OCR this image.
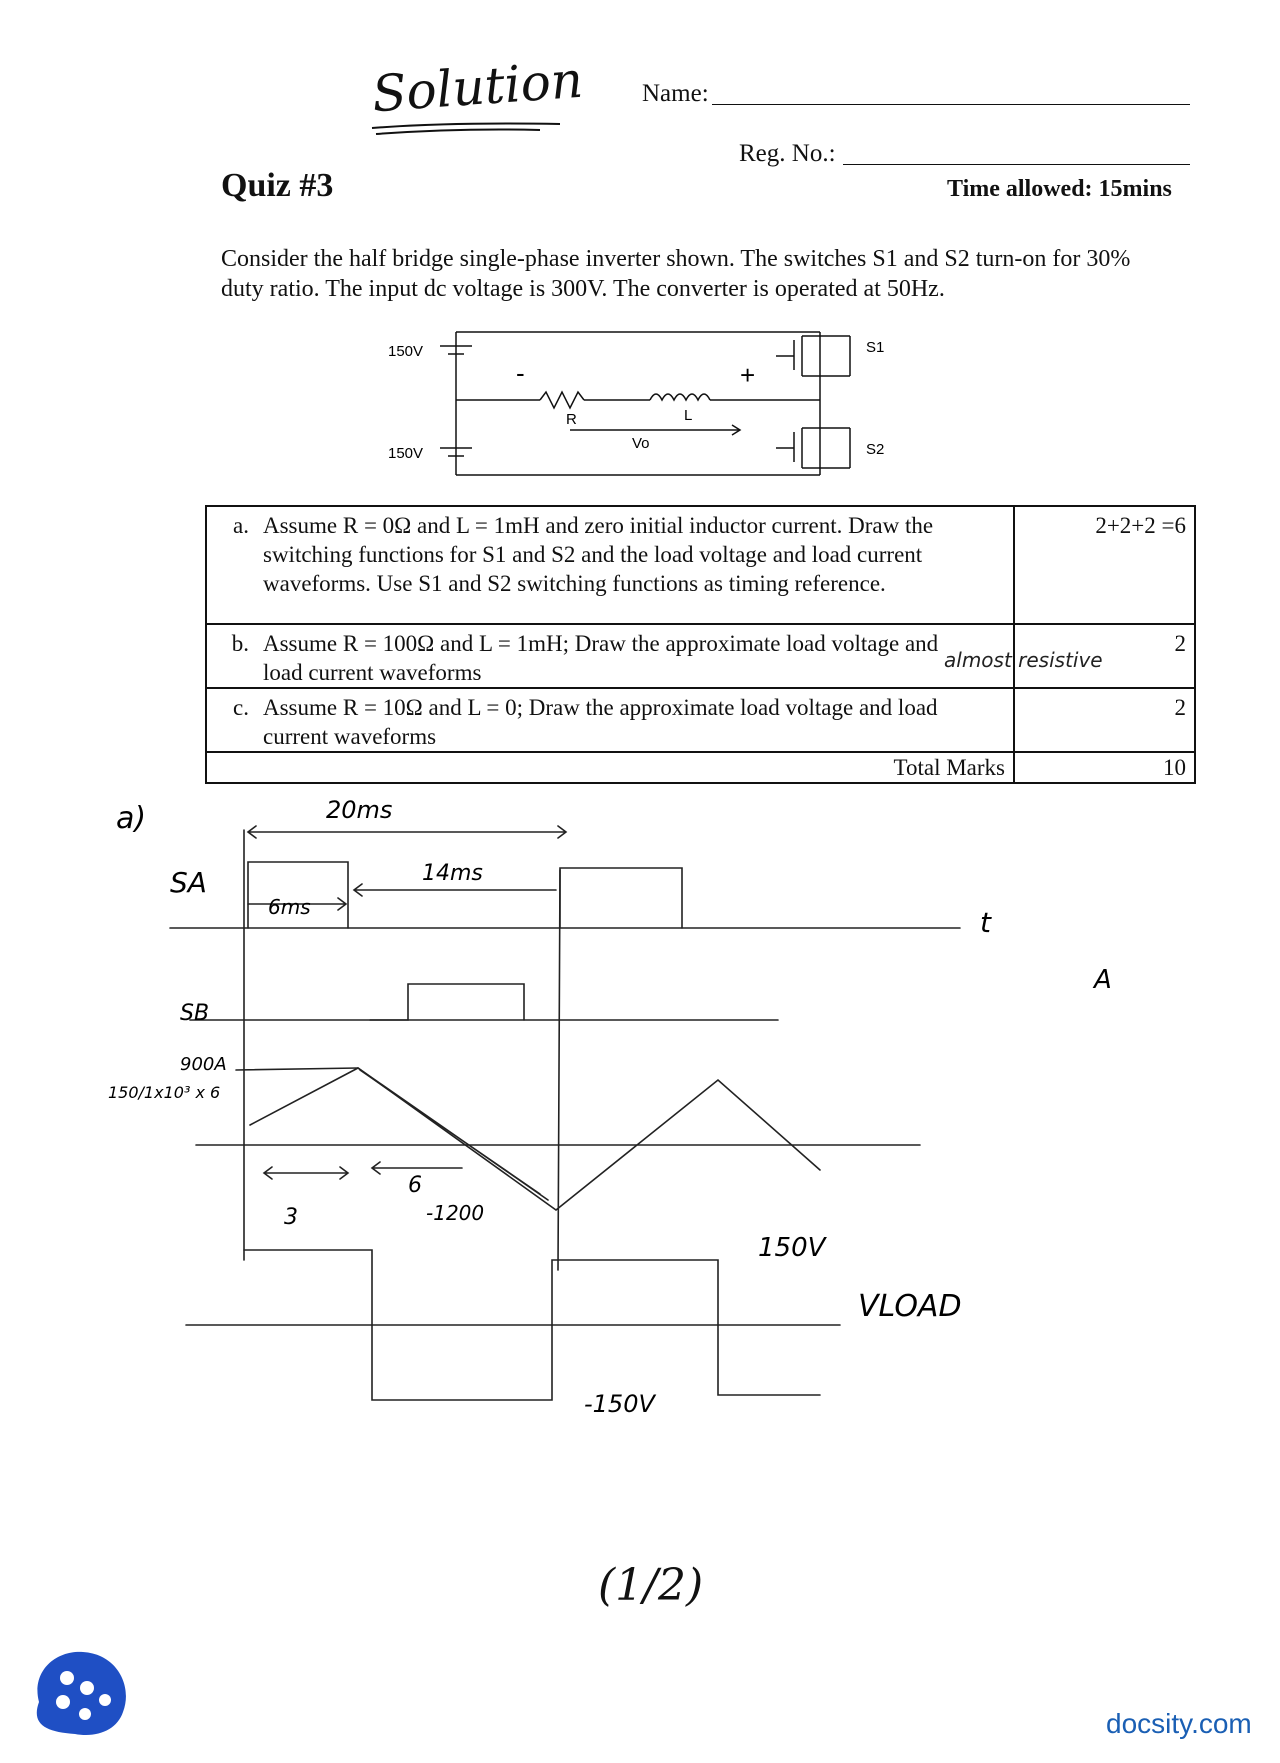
Solution Name:
Reg. No.:
Quiz #3	Time allowed: 15mins
Consider the half bridge single-phase inverter shown. The switches S1 and S2 turn-on for 30% duty ratio. The input dc voltage is 300V. The converter is operated at 50Hz.
150V
150V
R	L
Vo
S1
S2
+
-
a. Assume R = 0Ω and L = 1mH and zero initial inductor current. Draw the switching functions for S1 and S2 and the load voltage and load current waveforms. Use S1 and S2 switching functions as timing reference.	2+2+2 =6
b. Assume R = 100Ω and L = 1mH; Draw the approximate load voltage and load current waveforms	2
c. Assume R = 10Ω and L = 0; Draw the approximate load voltage and load current waveforms	2
Total Marks	10
almost resistive
a)	20ms
14ms
6ms	t
SA
SB
900A
150/1x10³ x 6
3
6
-1200
150V
-150V
VLOAD
A
(1/2)
docsity.com
